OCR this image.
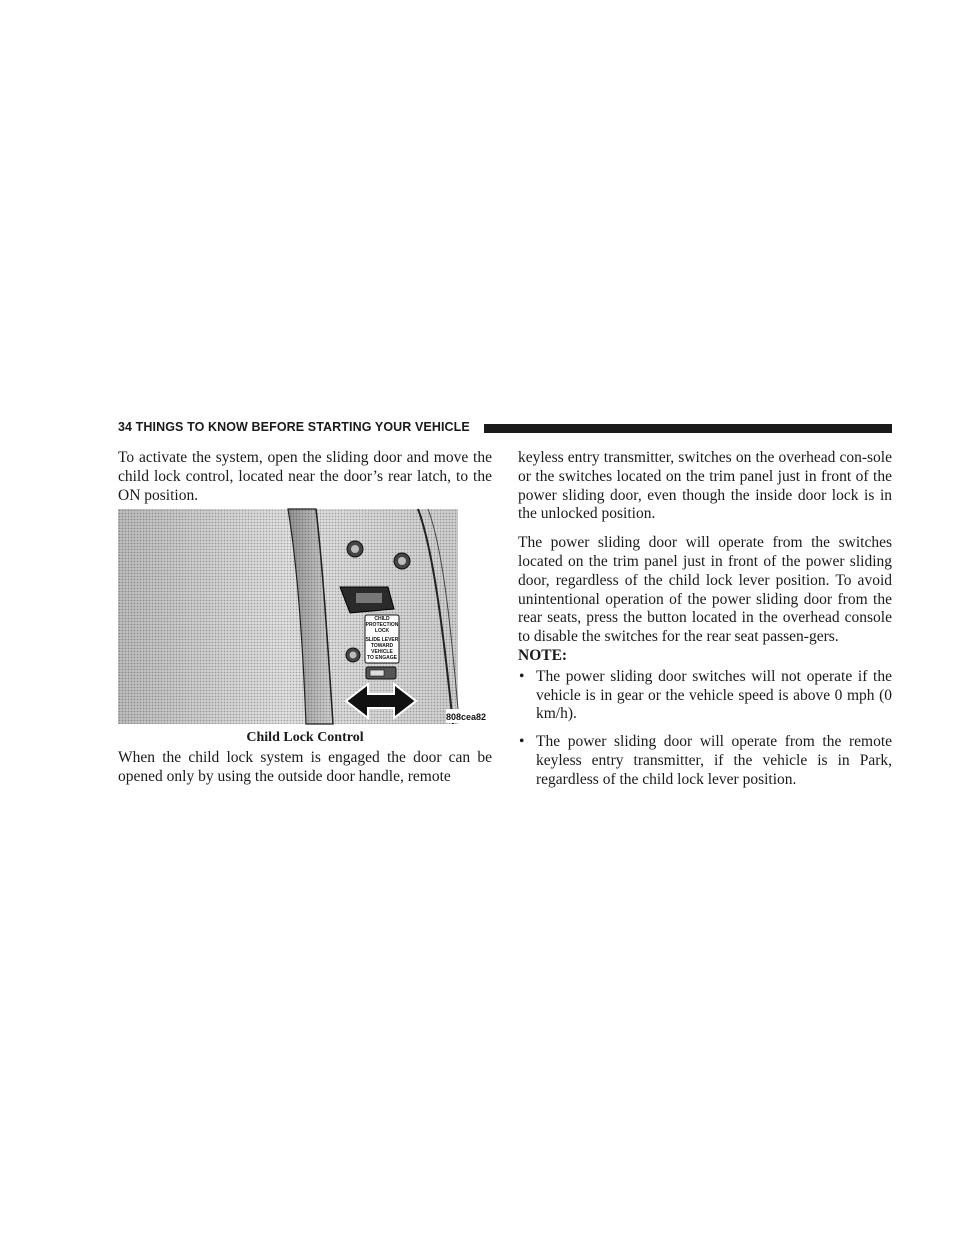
34 THINGS TO KNOW BEFORE STARTING YOUR VEHICLE

To activate the system, open the sliding door and move the child lock control, located near the door’s rear latch, to the ON position.

CHILD
PROTECTION
LOCK
SLIDE LEVER
TOWARD
VEHICLE
TO ENGAGE
808cea82
Child Lock Control

When the child lock system is engaged the door can be opened only by using the outside door handle, remote

keyless entry transmitter, switches on the overhead con-sole or the switches located on the trim panel just in front of the power sliding door, even though the inside door lock is in the unlocked position.

The power sliding door will operate from the switches located on the trim panel just in front of the power sliding door, regardless of the child lock lever position. To avoid unintentional operation of the power sliding door from the rear seats, press the button located in the overhead console to disable the switches for the rear seat passen-gers.

NOTE:

• The power sliding door switches will not operate if the vehicle is in gear or the vehicle speed is above 0 mph (0 km/h).
• The power sliding door will operate from the remote keyless entry transmitter, if the vehicle is in Park, regardless of the child lock lever position.
